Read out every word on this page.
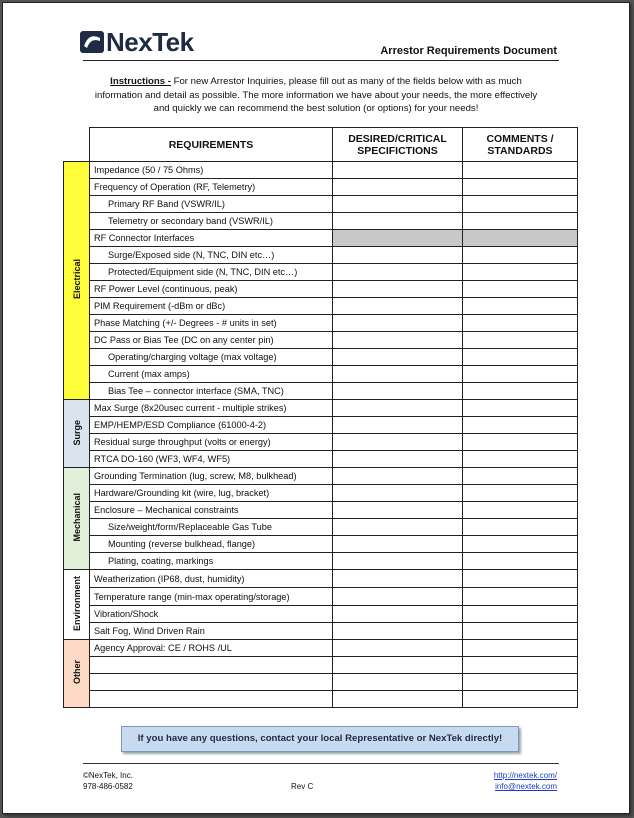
NexTek	Arrestor Requirements Document
Instructions - For new Arrestor Inquiries, please fill out as many of the fields below with as much information and detail as possible. The more information we have about your needs, the more effectively and quickly we can recommend the best solution (or options) for your needs!
	REQUIREMENTS	DESIRED/CRITICAL SPECIFICTIONS	COMMENTS / STANDARDS
Electrical	Impedance (50 / 75 Ohms)		
	Frequency of Operation (RF, Telemetry)		
	Primary RF Band (VSWR/IL)		
	Telemetry or secondary band (VSWR/IL)		
	RF Connector Interfaces		
	Surge/Exposed side (N, TNC, DIN etc…)		
	Protected/Equipment side (N, TNC, DIN etc…)		
	RF Power Level (continuous, peak)		
	PIM Requirement (-dBm or dBc)		
	Phase Matching (+/- Degrees - # units in set)		
	DC Pass or Bias Tee (DC on any center pin)		
	Operating/charging voltage (max voltage)		
	Current (max amps)		
	Bias Tee – connector interface (SMA, TNC)		
Surge	Max Surge (8x20usec current - multiple strikes)		
	EMP/HEMP/ESD Compliance (61000-4-2)		
	Residual surge throughput (volts or energy)		
	RTCA DO-160 (WF3, WF4, WF5)		
Mechanical	Grounding Termination (lug, screw, M8, bulkhead)		
	Hardware/Grounding kit (wire, lug, bracket)		
	Enclosure – Mechanical constraints		
	Size/weight/form/Replaceable Gas Tube		
	Mounting (reverse bulkhead, flange)		
	Plating, coating, markings		
Environment	Weatherization (IP68, dust, humidity)		
	Temperature range (min-max operating/storage)		
	Vibration/Shock		
	Salt Fog, Wind Driven Rain		
Other	Agency Approval: CE / ROHS /UL		

If you have any questions, contact your local Representative or NexTek directly!
©NexTek, Inc.
978-486-0582	Rev C
http://nextek.com/
info@nextek.com
